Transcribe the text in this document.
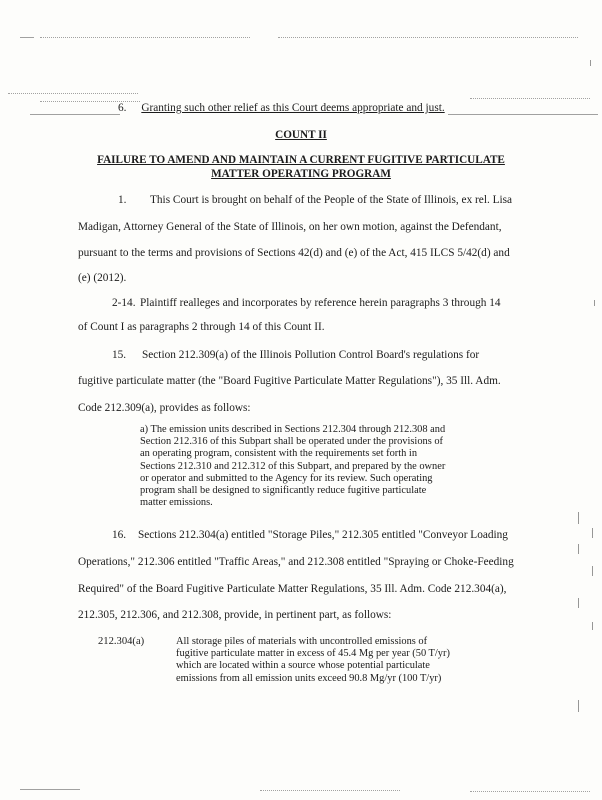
6. Granting such other relief as this Court deems appropriate and just.
COUNT II
FAILURE TO AMEND AND MAINTAIN A CURRENT FUGITIVE PARTICULATE
MATTER OPERATING PROGRAM
1. This Court is brought on behalf of the People of the State of Illinois, ex rel. Lisa
Madigan, Attorney General of the State of Illinois, on her own motion, against the Defendant,
pursuant to the terms and provisions of Sections 42(d) and (e) of the Act, 415 ILCS 5/42(d) and
(e) (2012).
2-14. Plaintiff realleges and incorporates by reference herein paragraphs 3 through 14
of Count I as paragraphs 2 through 14 of this Count II.
15. Section 212.309(a) of the Illinois Pollution Control Board's regulations for
fugitive particulate matter (the "Board Fugitive Particulate Matter Regulations"), 35 Ill. Adm.
Code 212.309(a), provides as follows:
a) The emission units described in Sections 212.304 through 212.308 and
Section 212.316 of this Subpart shall be operated under the provisions of
an operating program, consistent with the requirements set forth in
Sections 212.310 and 212.312 of this Subpart, and prepared by the owner
or operator and submitted to the Agency for its review. Such operating
program shall be designed to significantly reduce fugitive particulate
matter emissions.
16. Sections 212.304(a) entitled "Storage Piles," 212.305 entitled "Conveyor Loading
Operations," 212.306 entitled "Traffic Areas," and 212.308 entitled "Spraying or Choke-Feeding
Required" of the Board Fugitive Particulate Matter Regulations, 35 Ill. Adm. Code 212.304(a),
212.305, 212.306, and 212.308, provide, in pertinent part, as follows:
212.304(a)	All storage piles of materials with uncontrolled emissions of
fugitive particulate matter in excess of 45.4 Mg per year (50 T/yr)
which are located within a source whose potential particulate
emissions from all emission units exceed 90.8 Mg/yr (100 T/yr)
